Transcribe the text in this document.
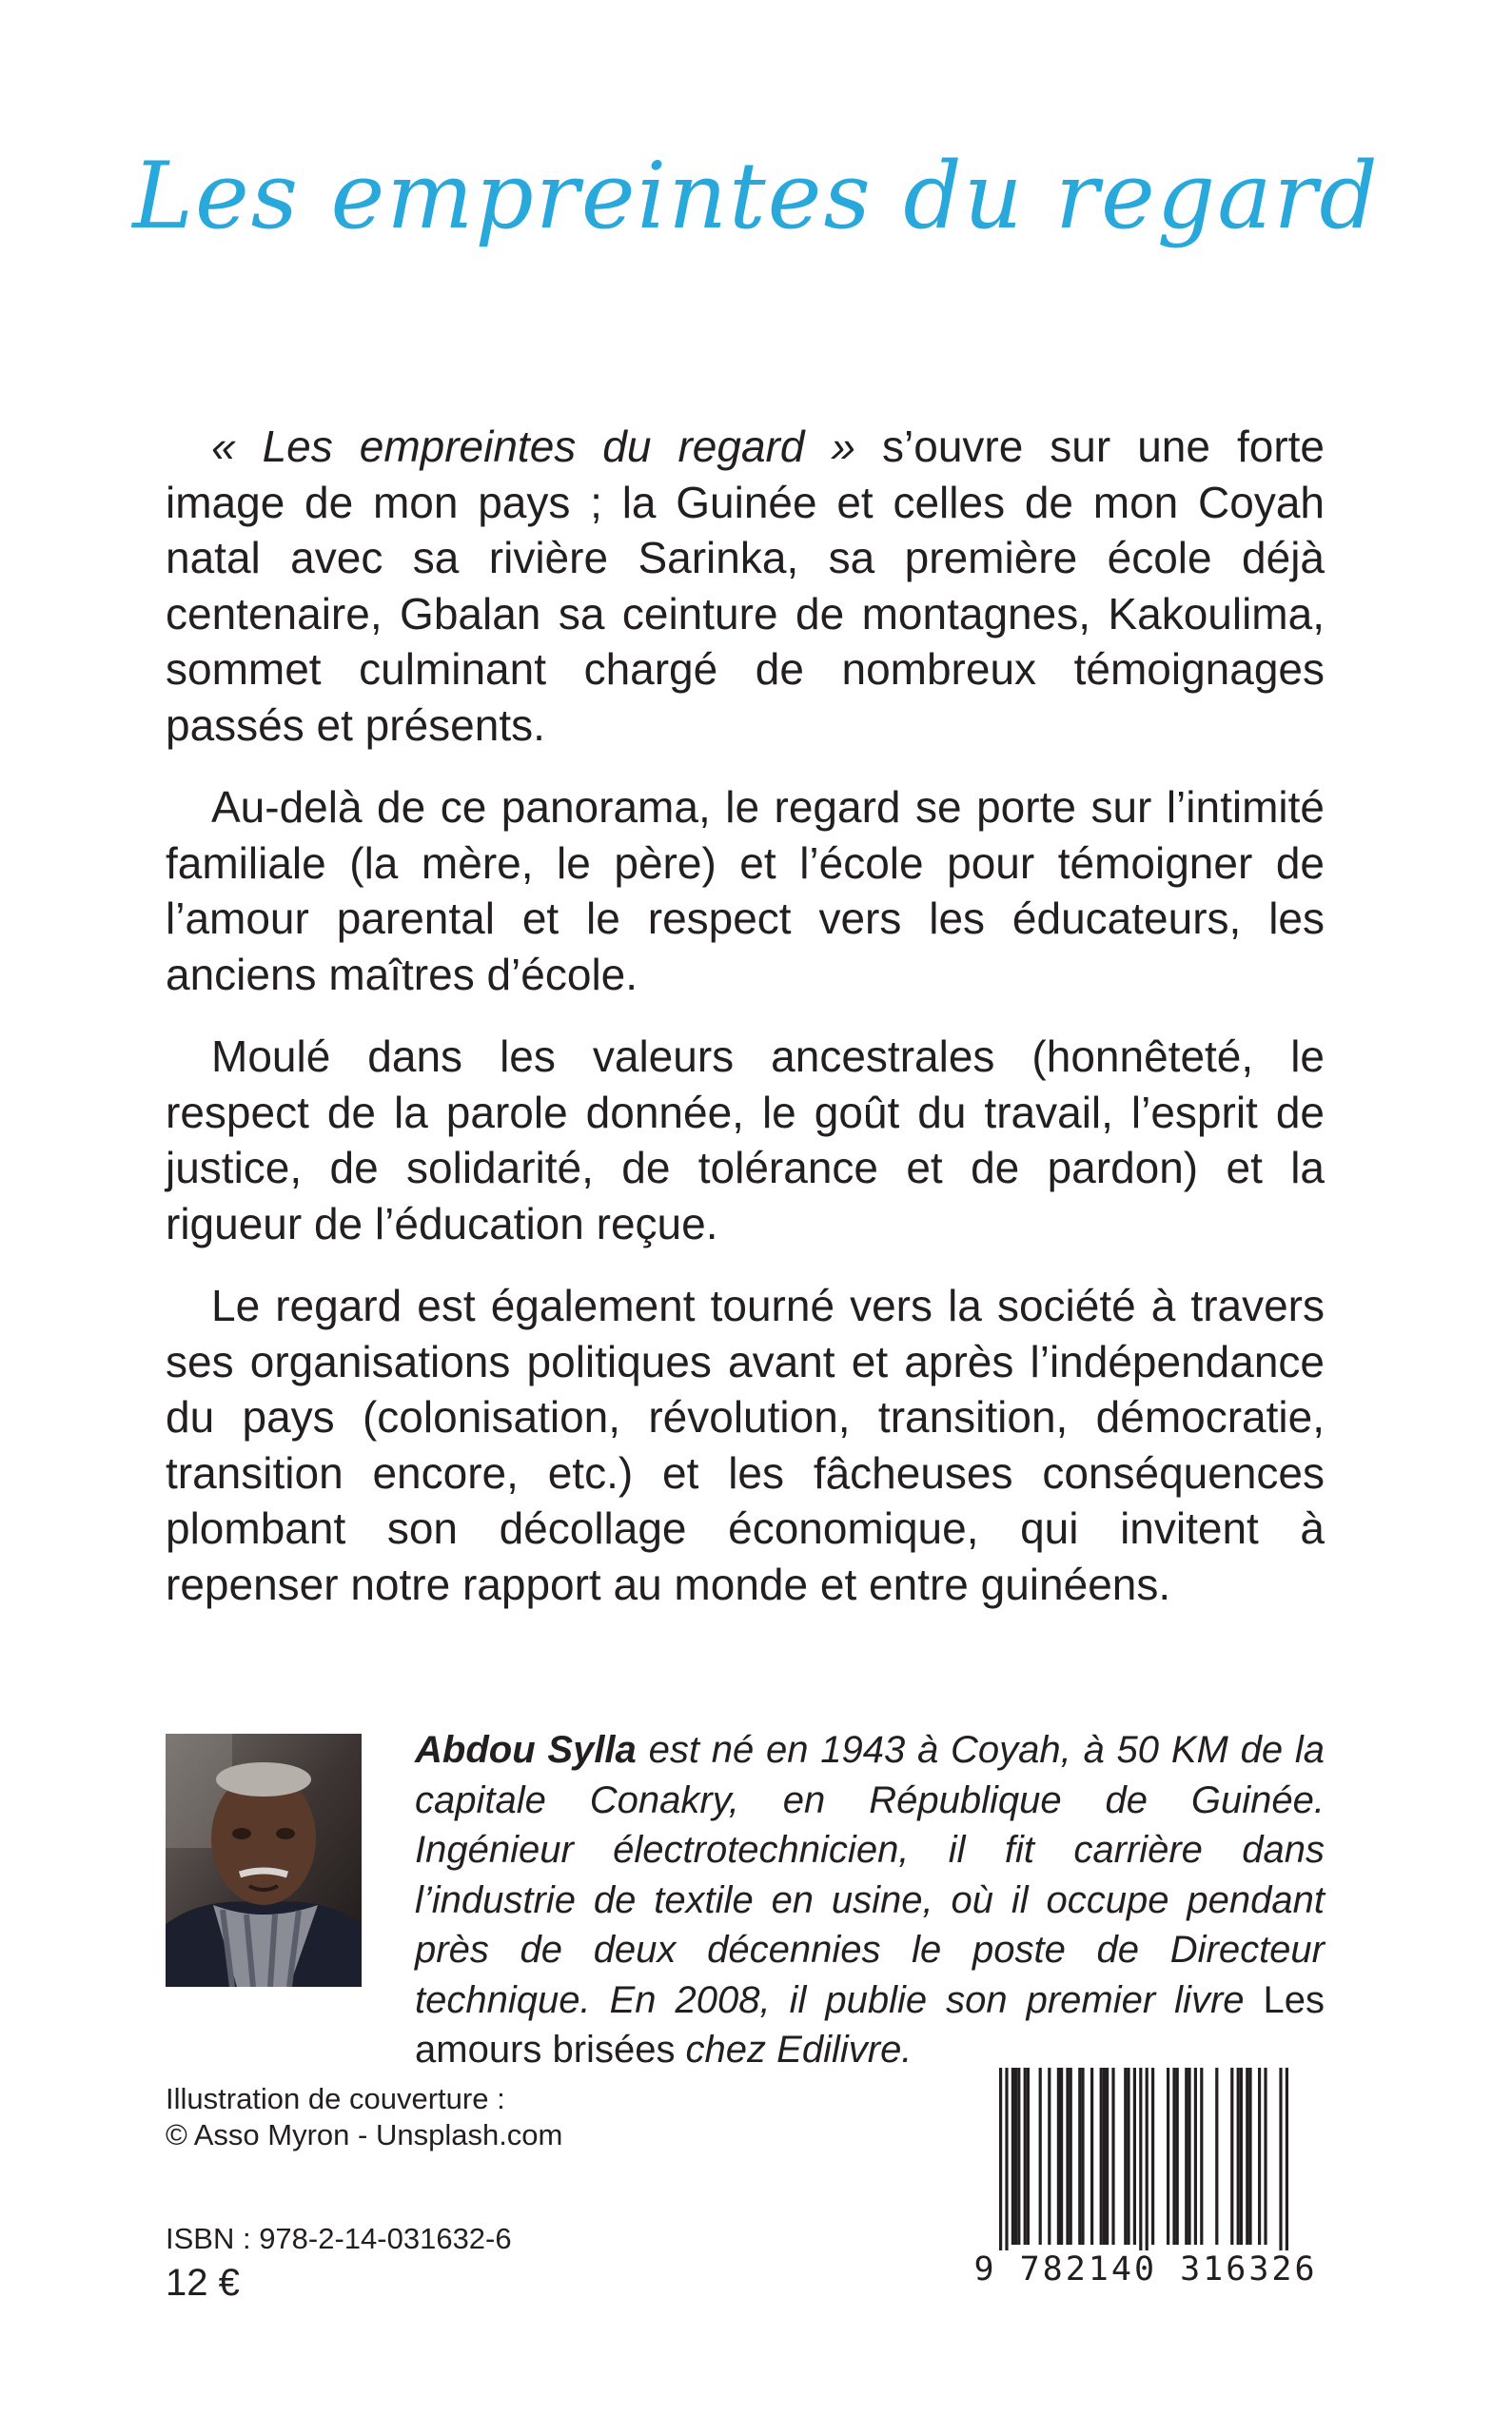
Les empreintes du regard

« Les empreintes du regard » s’ouvre sur une forte image de mon pays ; la Guinée et celles de mon Coyah natal avec sa rivière Sarinka, sa première école déjà centenaire, Gbalan sa ceinture de montagnes, Kakoulima, sommet culminant chargé de nombreux témoignages passés et présents.

Au-delà de ce panorama, le regard se porte sur l’intimité familiale (la mère, le père) et l’école pour témoigner de l’amour parental et le respect vers les éducateurs, les anciens maîtres d’école.

Moulé dans les valeurs ancestrales (honnêteté, le respect de la parole donnée, le goût du travail, l’esprit de justice, de solidarité, de tolérance et de pardon) et la rigueur de l’éducation reçue.

Le regard est également tourné vers la société à travers ses organisations politiques avant et après l’indépendance du pays (colonisation, révolution, transition, démocratie, transition encore, etc.) et les fâcheuses conséquences plombant son décollage économique, qui invitent à repenser notre rapport au monde et entre guinéens.

Abdou Sylla est né en 1943 à Coyah, à 50 KM de la capitale Conakry, en République de Guinée. Ingénieur électrotechnicien, il fit carrière dans l’industrie de textile en usine, où il occupe pendant près de deux décennies le poste de Directeur technique. En 2008, il publie son premier livre Les amours brisées chez Edilivre.

Illustration de couverture :
© Asso Myron - Unsplash.com
ISBN : 978-2-14-031632-6
12 €	9 782140 316326
